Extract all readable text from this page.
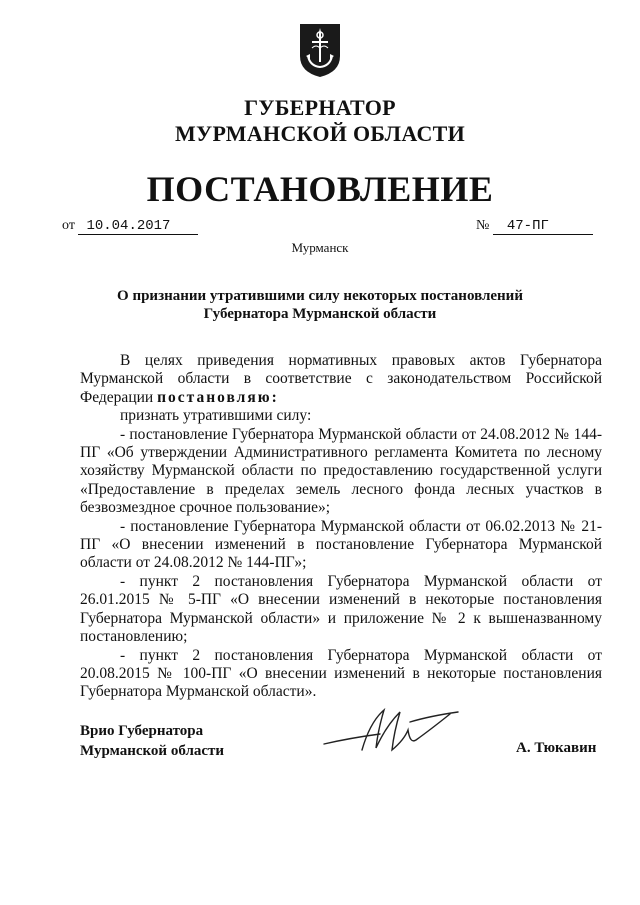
ГУБЕРНАТОР
МУРМАНСКОЙ ОБЛАСТИ
ПОСТАНОВЛЕНИЕ
от 10.04.2017	№ 47-ПГ
Мурманск
О признании утратившими силу некоторых постановлений
Губернатора Мурманской области

В целях приведения нормативных правовых актов Губернатора Мурманской области в соответствие с законодательством Российской Федерации постановляю:

признать утратившими силу:

- постановление Губернатора Мурманской области от 24.08.2012 № 144-ПГ «Об утверждении Административного регламента Комитета по лесному хозяйству Мурманской области по предоставлению государственной услуги «Предоставление в пределах земель лесного фонда лесных участков в безвозмездное срочное пользование»;

- постановление Губернатора Мурманской области от 06.02.2013 № 21-ПГ «О внесении изменений в постановление Губернатора Мурманской области от 24.08.2012 № 144-ПГ»;

- пункт 2 постановления Губернатора Мурманской области от 26.01.2015 № 5-ПГ «О внесении изменений в некоторые постановления Губернатора Мурманской области» и приложение № 2 к вышеназванному постановлению;

- пункт 2 постановления Губернатора Мурманской области от 20.08.2015 № 100-ПГ «О внесении изменений в некоторые постановления Губернатора Мурманской области».

Врио Губернатора
Мурманской области	А. Тюкавин
